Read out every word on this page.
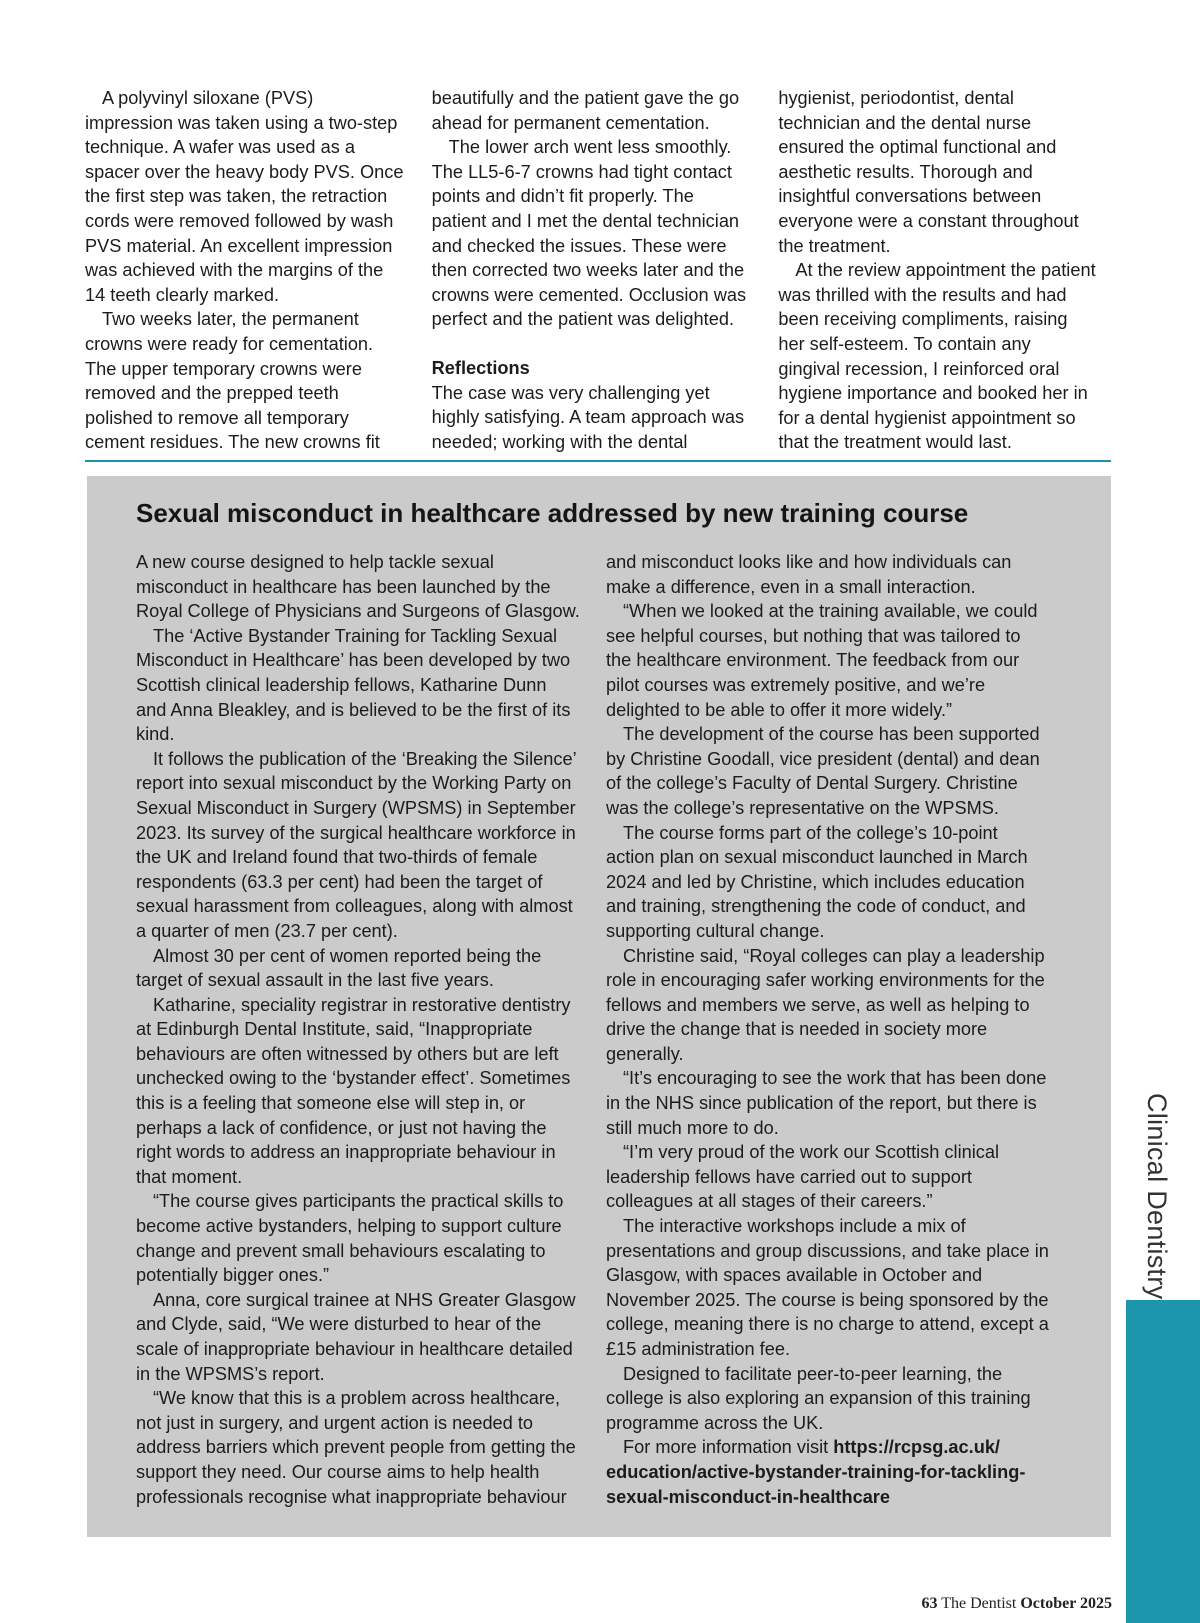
A polyvinyl siloxane (PVS) impression was taken using a two-step technique. A wafer was used as a spacer over the heavy body PVS. Once the first step was taken, the retraction cords were removed followed by wash PVS material. An excellent impression was achieved with the margins of the 14 teeth clearly marked.

Two weeks later, the permanent crowns were ready for cementation. The upper temporary crowns were removed and the prepped teeth polished to remove all temporary cement residues. The new crowns fit

beautifully and the patient gave the go ahead for permanent cementation.

The lower arch went less smoothly. The LL5-6-7 crowns had tight contact points and didn’t fit properly. The patient and I met the dental technician and checked the issues. These were then corrected two weeks later and the crowns were cemented. Occlusion was perfect and the patient was delighted.

Reflections

The case was very challenging yet highly satisfying. A team approach was needed; working with the dental

hygienist, periodontist, dental technician and the dental nurse ensured the optimal functional and aesthetic results. Thorough and insightful conversations between everyone were a constant throughout the treatment.

At the review appointment the patient was thrilled with the results and had been receiving compliments, raising her self-esteem. To contain any gingival recession, I reinforced oral hygiene importance and booked her in for a dental hygienist appointment so that the treatment would last.

Sexual misconduct in healthcare addressed by new training course

A new course designed to help tackle sexual misconduct in healthcare has been launched by the Royal College of Physicians and Surgeons of Glasgow.

The ‘Active Bystander Training for Tackling Sexual Misconduct in Healthcare’ has been developed by two Scottish clinical leadership fellows, Katharine Dunn and Anna Bleakley, and is believed to be the first of its kind.

It follows the publication of the ‘Breaking the Silence’ report into sexual misconduct by the Working Party on Sexual Misconduct in Surgery (WPSMS) in September 2023. Its survey of the surgical healthcare workforce in the UK and Ireland found that two-thirds of female respondents (63.3 per cent) had been the target of sexual harassment from colleagues, along with almost a quarter of men (23.7 per cent).

Almost 30 per cent of women reported being the target of sexual assault in the last five years.

Katharine, speciality registrar in restorative dentistry at Edinburgh Dental Institute, said, “Inappropriate behaviours are often witnessed by others but are left unchecked owing to the ‘bystander effect’. Sometimes this is a feeling that someone else will step in, or perhaps a lack of confidence, or just not having the right words to address an inappropriate behaviour in that moment.

“The course gives participants the practical skills to become active bystanders, helping to support culture change and prevent small behaviours escalating to potentially bigger ones.”

Anna, core surgical trainee at NHS Greater Glasgow and Clyde, said, “We were disturbed to hear of the scale of inappropriate behaviour in healthcare detailed in the WPSMS’s report.

“We know that this is a problem across healthcare, not just in surgery, and urgent action is needed to address barriers which prevent people from getting the support they need. Our course aims to help health professionals recognise what inappropriate behaviour

and misconduct looks like and how individuals can make a difference, even in a small interaction.

“When we looked at the training available, we could see helpful courses, but nothing that was tailored to the healthcare environment. The feedback from our pilot courses was extremely positive, and we’re delighted to be able to offer it more widely.”

The development of the course has been supported by Christine Goodall, vice president (dental) and dean of the college’s Faculty of Dental Surgery. Christine was the college’s representative on the WPSMS.

The course forms part of the college’s 10-point action plan on sexual misconduct launched in March 2024 and led by Christine, which includes education and training, strengthening the code of conduct, and supporting cultural change.

Christine said, “Royal colleges can play a leadership role in encouraging safer working environments for the fellows and members we serve, as well as helping to drive the change that is needed in society more generally.

“It’s encouraging to see the work that has been done in the NHS since publication of the report, but there is still much more to do.

“I’m very proud of the work our Scottish clinical leadership fellows have carried out to support colleagues at all stages of their careers.”

The interactive workshops include a mix of presentations and group discussions, and take place in Glasgow, with spaces available in October and November 2025. The course is being sponsored by the college, meaning there is no charge to attend, except a £15 administration fee.

Designed to facilitate peer-to-peer learning, the college is also exploring an expansion of this training programme across the UK.

For more information visit https://rcpsg.ac.uk/ education/active-bystander-training-for-tackling-sexual-misconduct-in-healthcare

Clinical Dentistry
63 The Dentist October 2025
